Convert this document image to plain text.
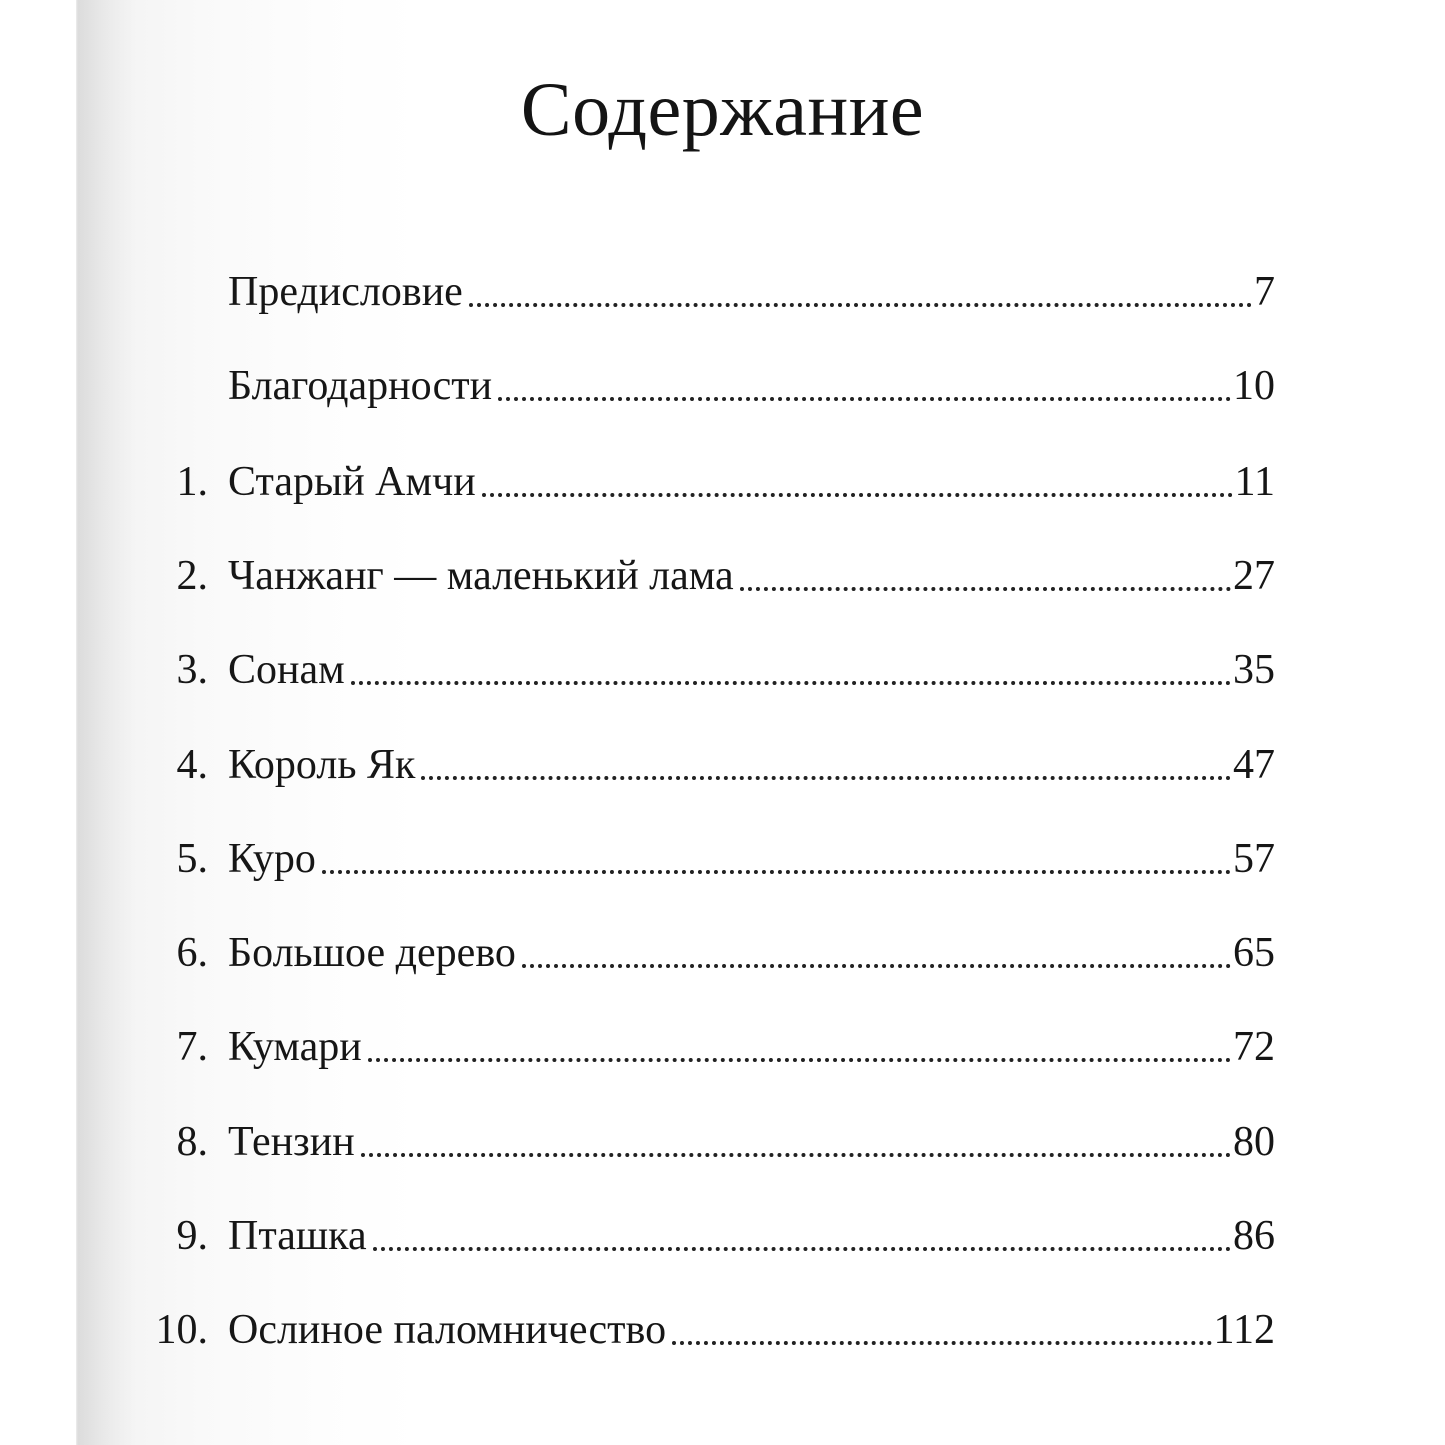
Содержание
Предисловие	7
Благодарности	10
1. Старый Амчи	11
2. Чанжанг — маленький лама	27
3. Сонам	35
4. Король Як	47
5. Куро	57
6. Большое дерево	65
7. Кумари	72
8. Тензин	80
9. Пташка	86
10. Ослиное паломничество	112
